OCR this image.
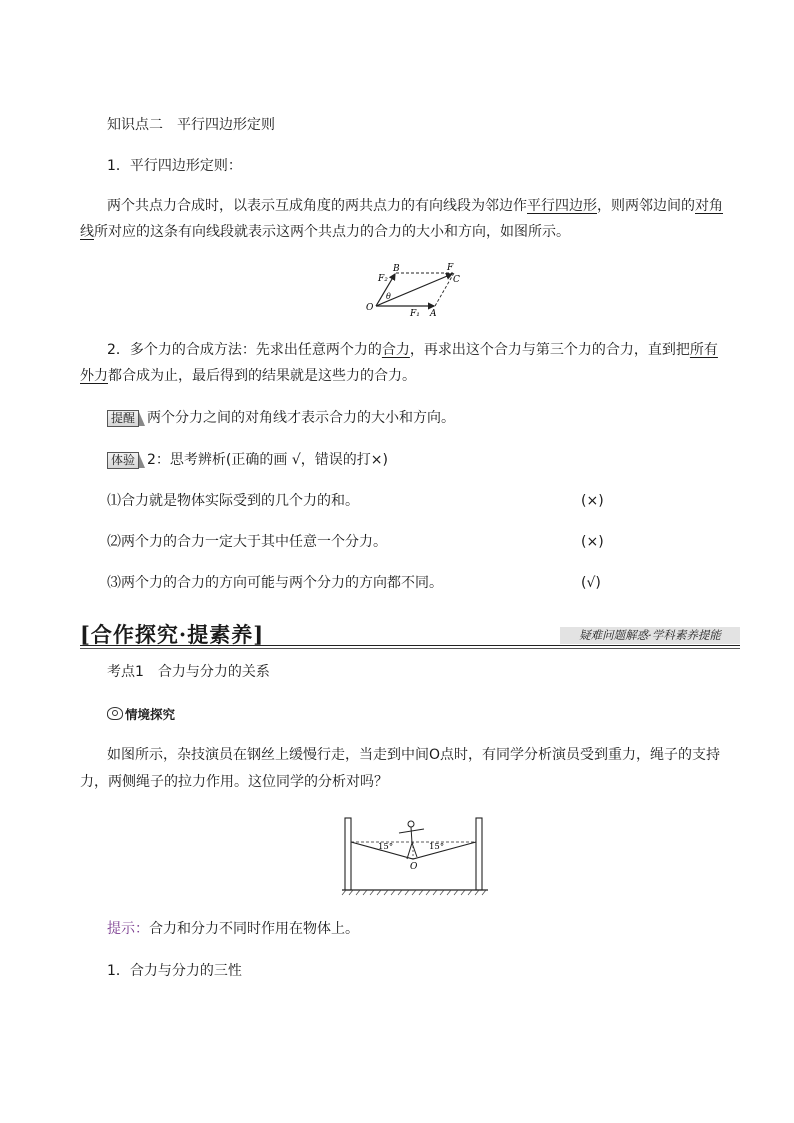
知识点二　平行四边形定则
1．平行四边形定则：
两个共点力合成时，以表示互成角度的两共点力的有向线段为邻边作平行四边形，则两邻边间的对角
线所对应的这条有向线段就表示这两个共点力的合力的大小和方向，如图所示。
F₂
B	F
C
θ
O
F₁ A
2．多个力的合成方法：先求出任意两个力的合力，再求出这个合力与第三个力的合力，直到把所有
外力都合成为止，最后得到的结果就是这些力的合力。
提醒 两个分力之间的对角线才表示合力的大小和方向。
体验 2：思考辨析(正确的画 √，错误的打×)
⑴合力就是物体实际受到的几个力的和。	(×)
⑵两个力的合力一定大于其中任意一个分力。	(×)
⑶两个力的合力的方向可能与两个分力的方向都不同。	(√)
[合作探究·提素养]	疑难问题解惑·学科素养提能
考点1　合力与分力的关系
情境探究
如图所示，杂技演员在钢丝上缓慢行走，当走到中间O点时，有同学分析演员受到重力，绳子的支持
力，两侧绳子的拉力作用。这位同学的分析对吗？
15°	15°
O
提示：合力和分力不同时作用在物体上。
1．合力与分力的三性
